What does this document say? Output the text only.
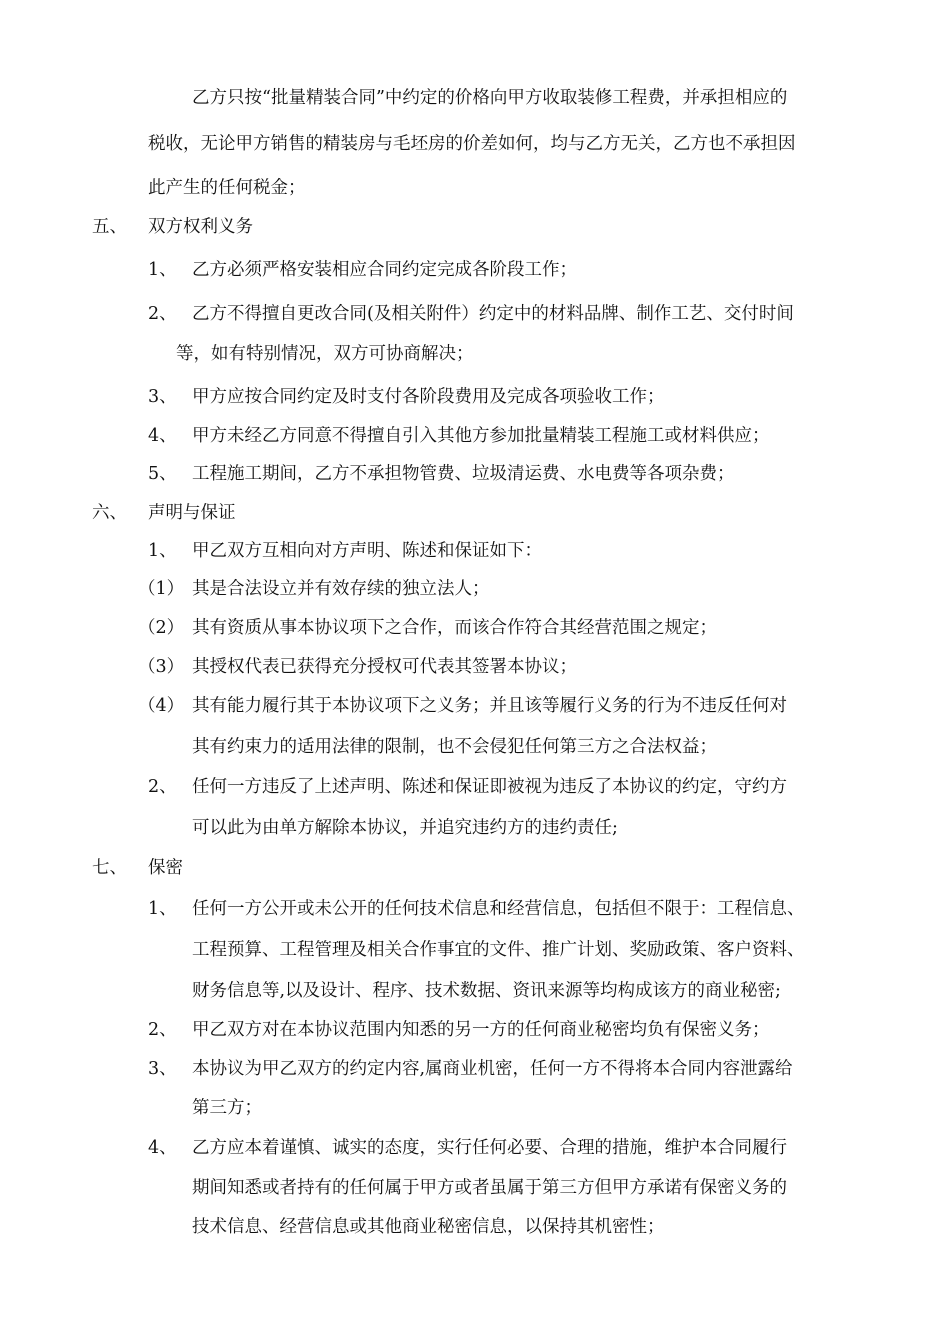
乙方只按“批量精装合同”中约定的价格向甲方收取装修工程费，并承担相应的
税收，无论甲方销售的精装房与毛坯房的价差如何，均与乙方无关，乙方也不承担因
此产生的任何税金；
五、 双方权利义务
1、 乙方必须严格安装相应合同约定完成各阶段工作；
2、 乙方不得擅自更改合同(及相关附件）约定中的材料品牌、制作工艺、交付时间
等，如有特别情况，双方可协商解决；
3、 甲方应按合同约定及时支付各阶段费用及完成各项验收工作；
4、 甲方未经乙方同意不得擅自引入其他方参加批量精装工程施工或材料供应；
5、 工程施工期间，乙方不承担物管费、垃圾清运费、水电费等各项杂费；
六、 声明与保证
1、 甲乙双方互相向对方声明、陈述和保证如下：
（1） 其是合法设立并有效存续的独立法人；
（2） 其有资质从事本协议项下之合作，而该合作符合其经营范围之规定；
（3） 其授权代表已获得充分授权可代表其签署本协议；
（4） 其有能力履行其于本协议项下之义务；并且该等履行义务的行为不违反任何对
其有约束力的适用法律的限制，也不会侵犯任何第三方之合法权益；
2、 任何一方违反了上述声明、陈述和保证即被视为违反了本协议的约定，守约方
可以此为由单方解除本协议，并追究违约方的违约责任;
七、 保密
1、 任何一方公开或未公开的任何技术信息和经营信息，包括但不限于：工程信息、
工程预算、工程管理及相关合作事宜的文件、推广计划、奖励政策、客户资料、
财务信息等,以及设计、程序、技术数据、资讯来源等均构成该方的商业秘密;
2、 甲乙双方对在本协议范围内知悉的另一方的任何商业秘密均负有保密义务；
3、 本协议为甲乙双方的约定内容,属商业机密，任何一方不得将本合同内容泄露给
第三方；
4、 乙方应本着谨慎、诚实的态度，实行任何必要、合理的措施，维护本合同履行
期间知悉或者持有的任何属于甲方或者虽属于第三方但甲方承诺有保密义务的
技术信息、经营信息或其他商业秘密信息，以保持其机密性；
